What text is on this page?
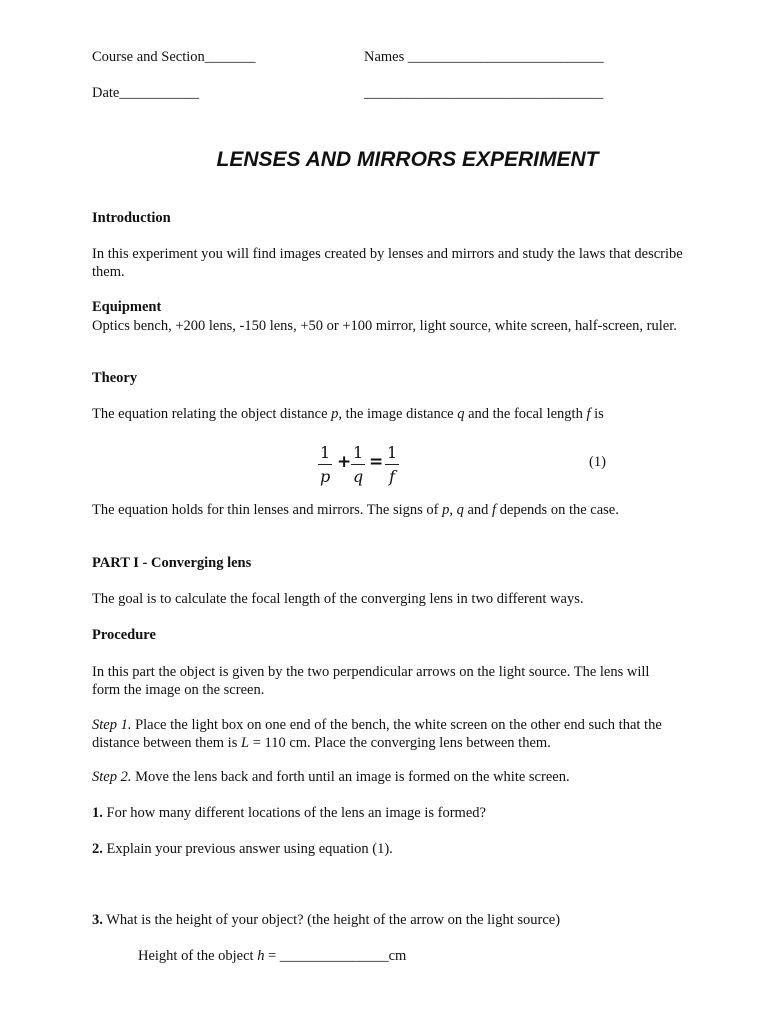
Course and Section_______	Names ___________________________
Date___________	_________________________________
LENSES AND MIRRORS EXPERIMENT
Introduction
In this experiment you will find images created by lenses and mirrors and study the laws that describe them.
Equipment
Optics bench, +200 lens, -150 lens, +50 or +100 mirror, light source, white screen, half-screen, ruler.
Theory
The equation relating the object distance p, the image distance q and the focal length f is
1
p
+ 1
q
= 1
f
(1)
The equation holds for thin lenses and mirrors. The signs of p, q and f depends on the case.
PART I - Converging lens
The goal is to calculate the focal length of the converging lens in two different ways.
Procedure
In this part the object is given by the two perpendicular arrows on the light source. The lens will form the image on the screen.
Step 1. Place the light box on one end of the bench, the white screen on the other end such that the distance between them is L = 110 cm. Place the converging lens between them.
Step 2. Move the lens back and forth until an image is formed on the white screen.
1. For how many different locations of the lens an image is formed?
2. Explain your previous answer using equation (1).
3. What is the height of your object? (the height of the arrow on the light source)
Height of the object h = _______________cm
